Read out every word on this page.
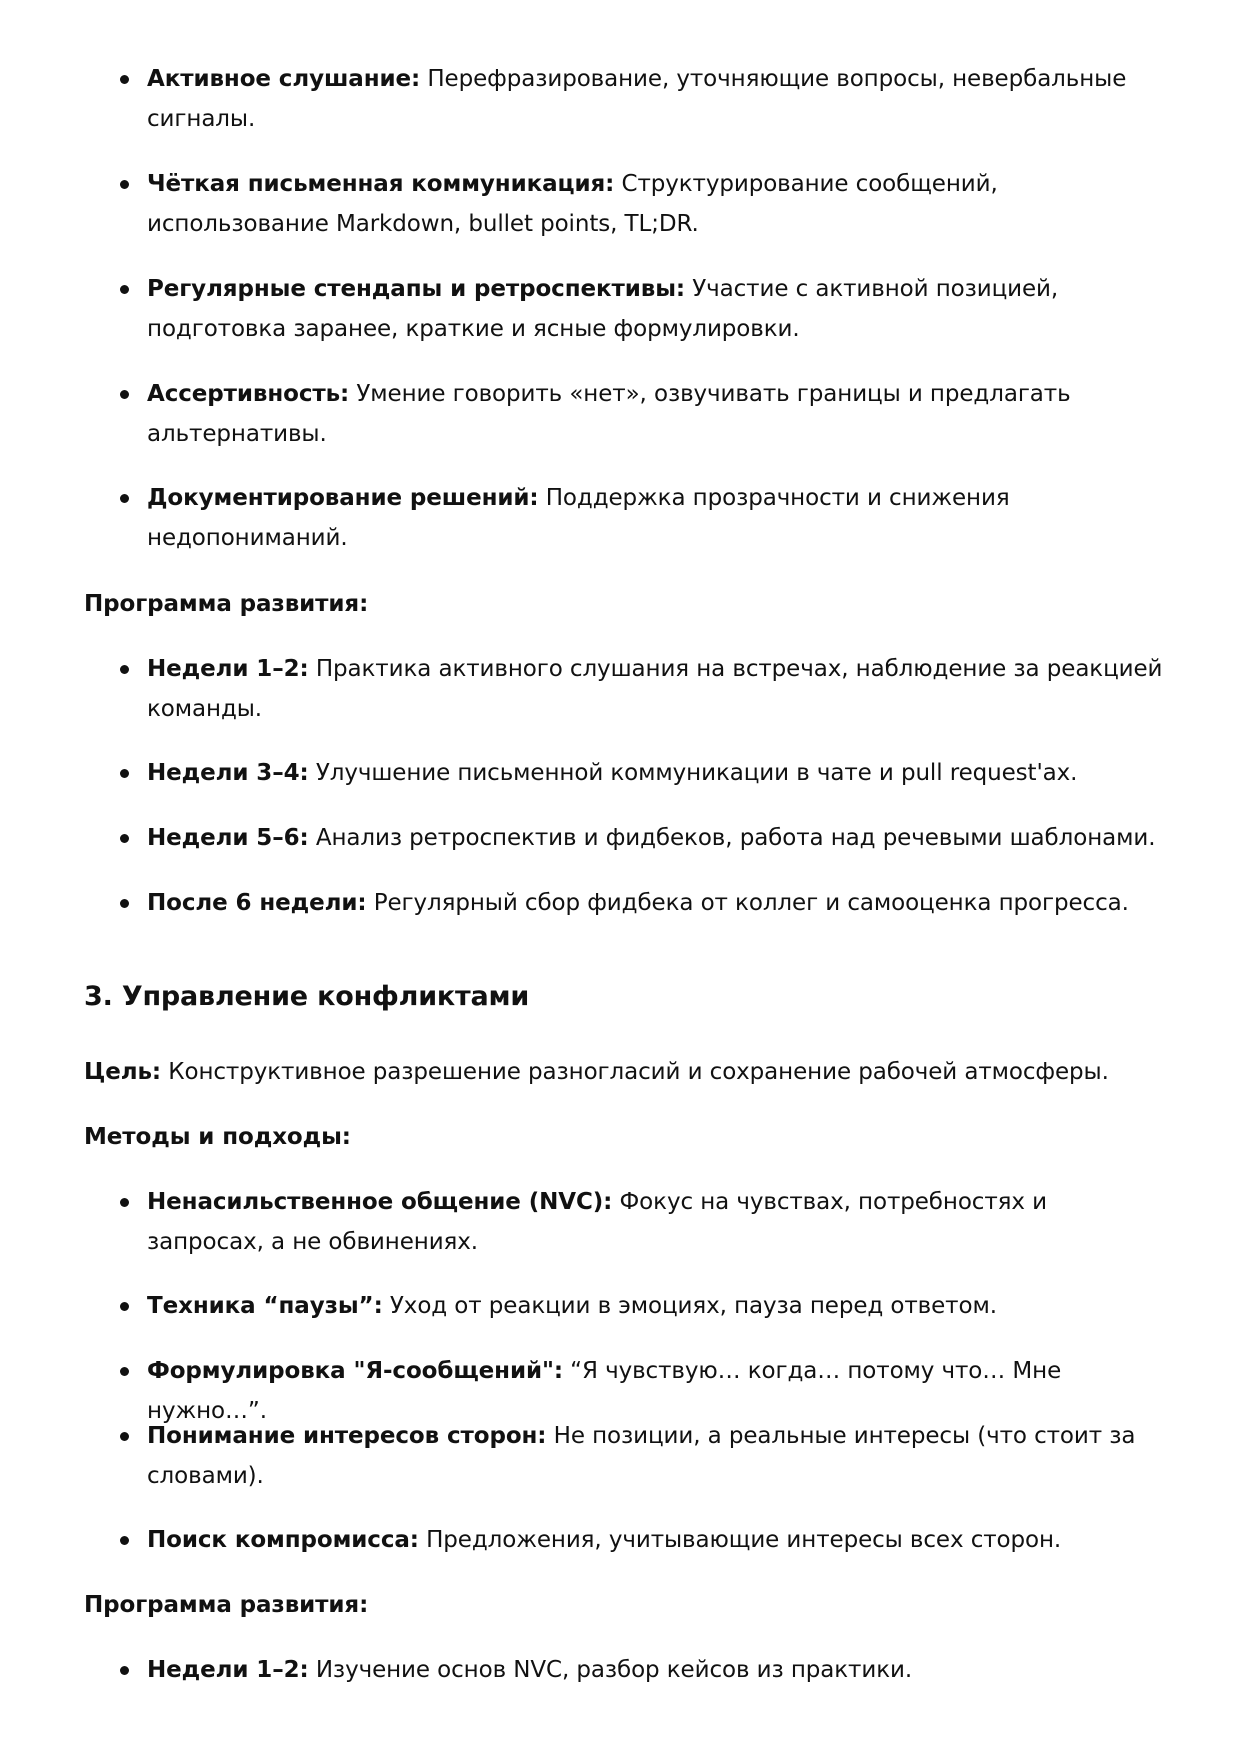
Активное слушание: Перефразирование, уточняющие вопросы, невербальные сигналы.
Чёткая письменная коммуникация: Структурирование сообщений, использование Markdown, bullet points, TL;DR.
Регулярные стендапы и ретроспективы: Участие с активной позицией, подготовка заранее, краткие и ясные формулировки.
Ассертивность: Умение говорить «нет», озвучивать границы и предлагать альтернативы.
Документирование решений: Поддержка прозрачности и снижения недопониманий.

Программа развития:

Недели 1–2: Практика активного слушания на встречах, наблюдение за реакцией команды.
Недели 3–4: Улучшение письменной коммуникации в чате и pull request'ах.
Недели 5–6: Анализ ретроспектив и фидбеков, работа над речевыми шаблонами.
После 6 недели: Регулярный сбор фидбека от коллег и самооценка прогресса.
3. Управление конфликтами

Цель: Конструктивное разрешение разногласий и сохранение рабочей атмосферы.

Методы и подходы:

Ненасильственное общение (NVC): Фокус на чувствах, потребностях и запросах, а не обвинениях.
Техника “паузы”: Уход от реакции в эмоциях, пауза перед ответом.
Формулировка "Я-сообщений": “Я чувствую… когда… потому что… Мне нужно…”.
Понимание интересов сторон: Не позиции, а реальные интересы (что стоит за словами).
Поиск компромисса: Предложения, учитывающие интересы всех сторон.

Программа развития:

Недели 1–2: Изучение основ NVC, разбор кейсов из практики.
